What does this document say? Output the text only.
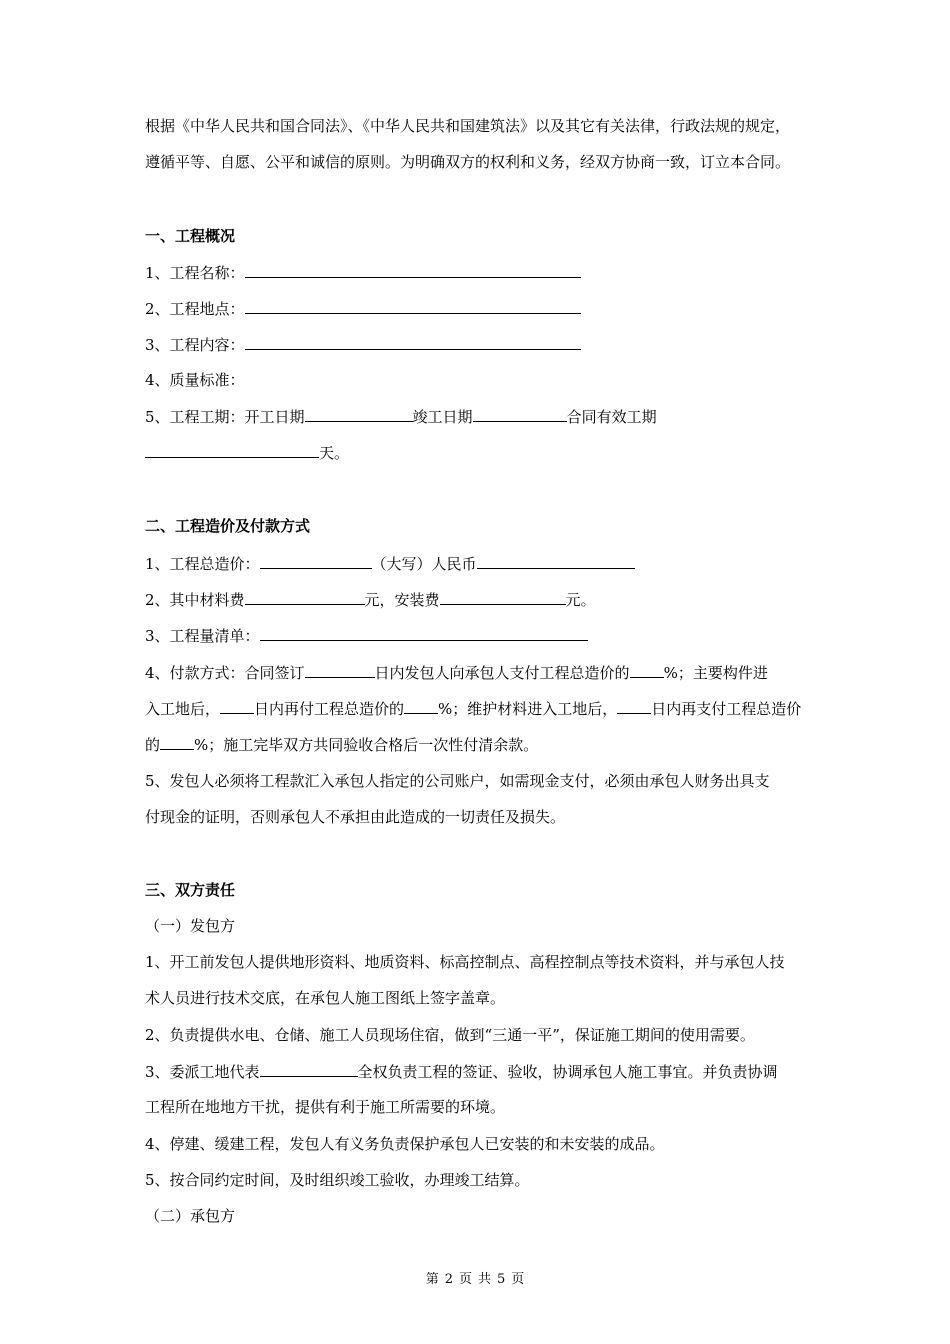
根据《中华人民共和国合同法》、《中华人民共和国建筑法》以及其它有关法律，行政法规的规定，
遵循平等、自愿、公平和诚信的原则。为明确双方的权利和义务，经双方协商一致，订立本合同。
一、工程概况
1、工程名称：
2、工程地点：
3、工程内容：
4、质量标准：
5、工程工期：开工日期	竣工日期	合同有效工期
天。
二、工程造价及付款方式
1、工程总造价：	（大写）人民币
2、其中材料费	元，安装费	元。
3、工程量清单：
4、付款方式：合同签订	日内发包人向承包人支付工程总造价的 %；主要构件进
入工地后， 日内再付工程总造价的 %；维护材料进入工地后， 日内再支付工程总造价
的 %；施工完毕双方共同验收合格后一次性付清余款。
5、发包人必须将工程款汇入承包人指定的公司账户，如需现金支付，必须由承包人财务出具支
付现金的证明，否则承包人不承担由此造成的一切责任及损失。
三、双方责任
（一）发包方
1、开工前发包人提供地形资料、地质资料、标高控制点、高程控制点等技术资料，并与承包人技
术人员进行技术交底，在承包人施工图纸上签字盖章。
2、负责提供水电、仓储、施工人员现场住宿，做到“三通一平”，保证施工期间的使用需要。
3、委派工地代表	全权负责工程的签证、验收，协调承包人施工事宜。并负责协调
工程所在地地方干扰，提供有利于施工所需要的环境。
4、停建、缓建工程，发包人有义务负责保护承包人已安装的和未安装的成品。
5、按合同约定时间，及时组织竣工验收，办理竣工结算。
（二）承包方
第 2 页 共 5 页
